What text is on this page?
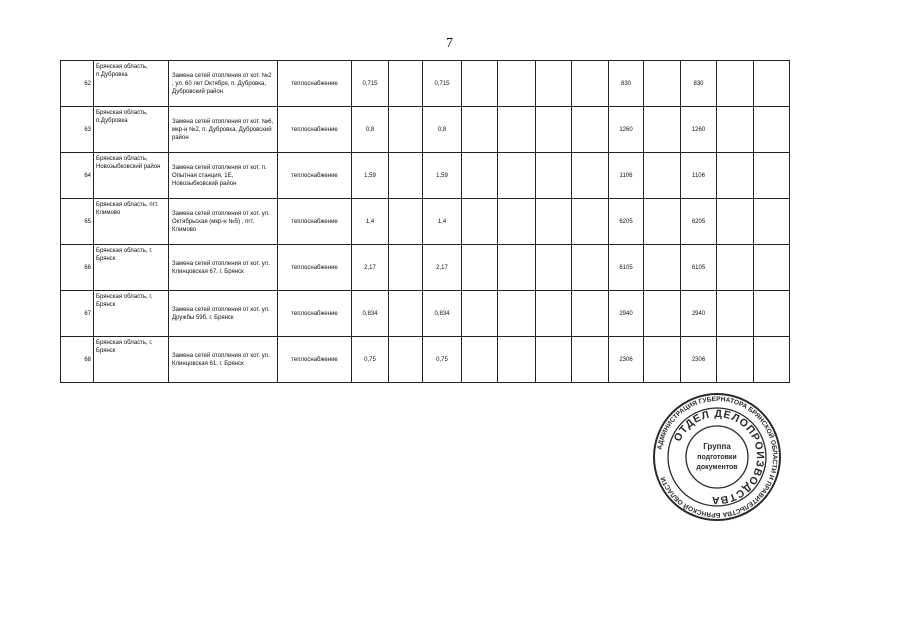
7
62	Брянская область, п.Дубровка	Замена сетей отопления от кот. №2 , ул. 60 лет Октября, п. Дубровка, Дубровский район	теплоснабжение	0,715		0,715					830		830		
63	Брянская область, п.Дубровка	Замена сетей отопления от кот. №6, мкр-н №2, п. Дубровка, Дубровский район	теплоснабжение	0,8		0,8					1260		1260		
64	Брянская область, Новозыбковский район	Замена сетей отопления от кот. п. Опытная станция, 1Е, Новозыбковский район	теплоснабжение	1,59		1,59					1106		1106		
65	Брянская область, пгт. Климово	Замена сетей отопления от кот. ул. Октябрьская (мкр-н №5) , пгт. Климово	теплоснабжение	1,4		1,4					6205		6205		
66	Брянская область, г. Брянск	Замена сетей отопления от кот. ул. Клинцовская 67, г. Брянск	теплоснабжение	2,17		2,17					6105		6105		
67	Брянская область, г. Брянск	Замена сетей отопления от кот. ул. Дружбы 59б, г. Брянск	теплоснабжение	0,834		0,834					2940		2940		
68	Брянская область, г. Брянск	Замена сетей отопления от кот. ул. Клинцовская 61, г. Брянск	теплоснабжение	0,75		0,75					2306		2306		
АДМИНИСТРАЦИЯ ГУБЕРНАТОРА БРЯНСКОЙ ОБЛАСТИ И ПРАВИТЕЛЬСТВА БРЯНСКОЙ ОБЛАСТИ
ОТДЕЛ ДЕЛОПРОИЗВОДСТВА
Группа
подготовки
документов
